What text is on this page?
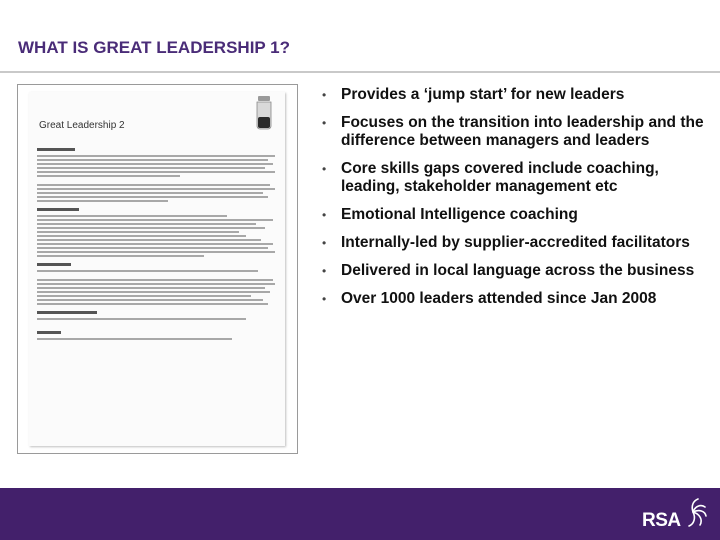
WHAT IS GREAT LEADERSHIP 1?
Great Leadership 2
• Provides a ‘jump start’ for new leaders
• Focuses on the transition into leadership and the difference between managers and leaders
• Core skills gaps covered include coaching, leading, stakeholder management etc
• Emotional Intelligence coaching
• Internally-led by supplier-accredited facilitators
• Delivered in local language across the business
• Over 1000 leaders attended since Jan 2008
RSA
